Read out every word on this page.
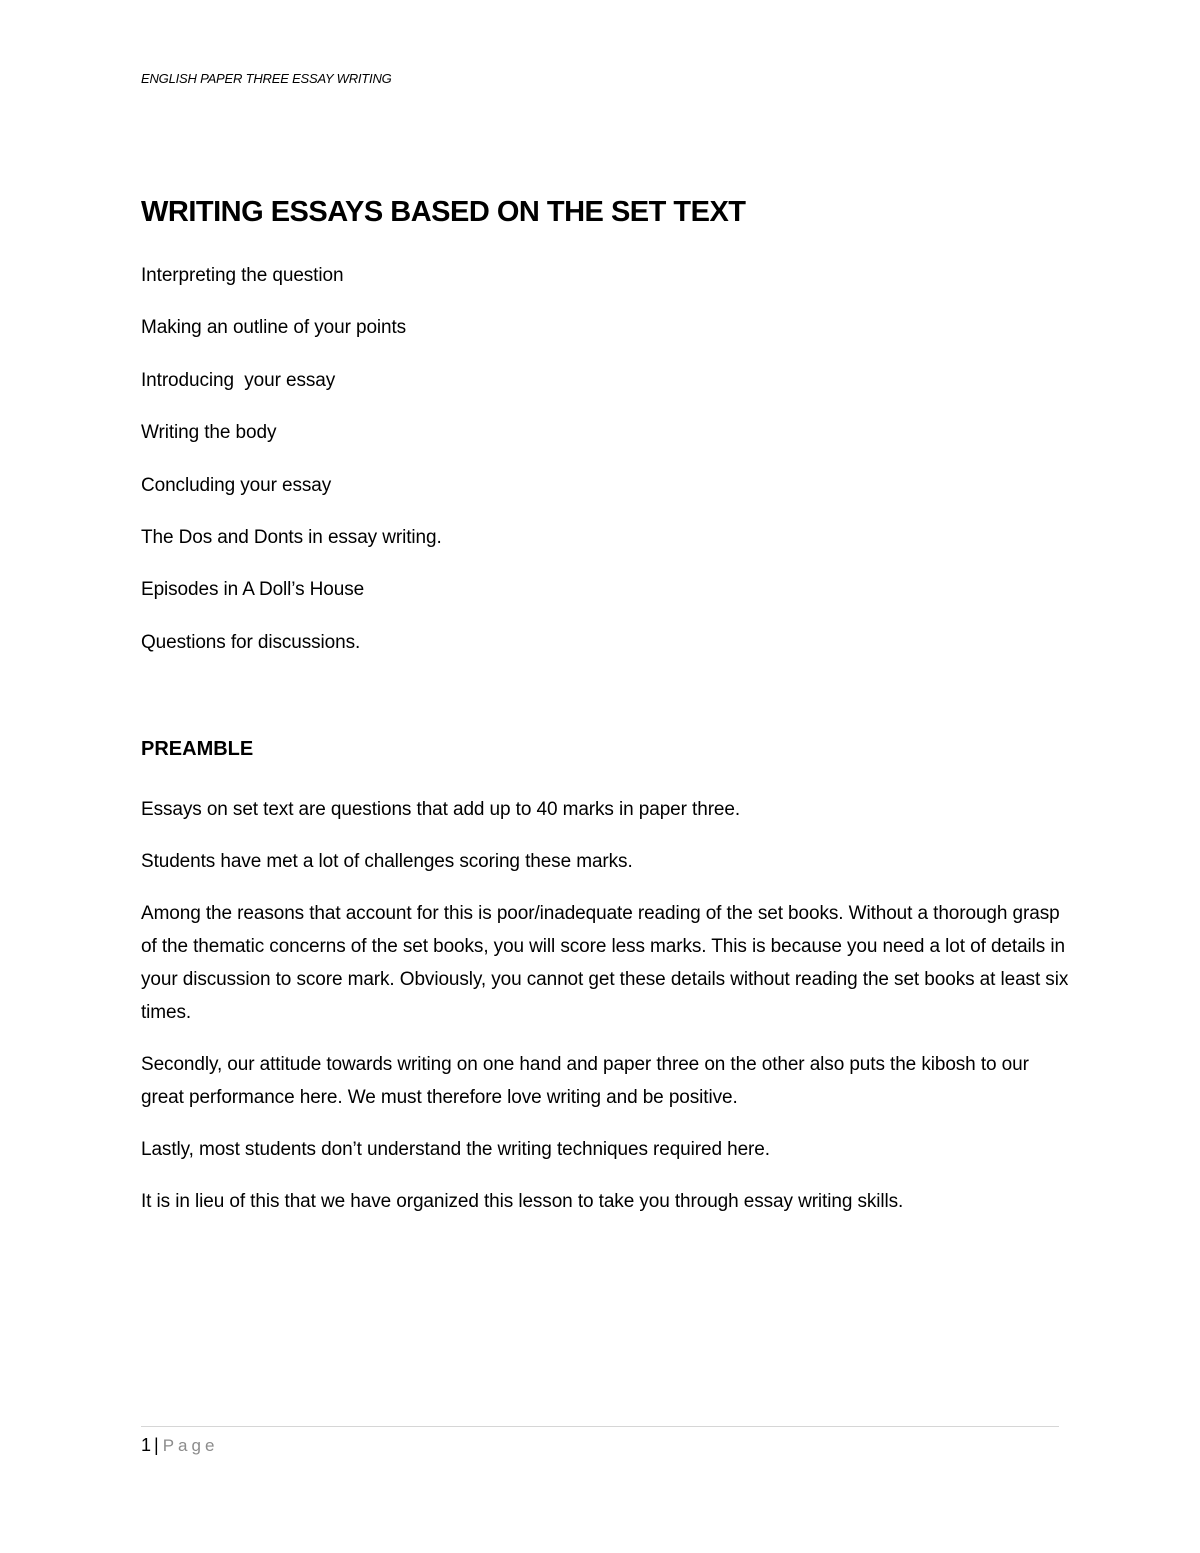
ENGLISH PAPER THREE ESSAY WRITING
WRITING ESSAYS BASED ON THE SET TEXT
Interpreting the question
Making an outline of your points
Introducing  your essay
Writing the body
Concluding your essay
The Dos and Donts in essay writing.
Episodes in A Doll’s House
Questions for discussions.
PREAMBLE

Essays on set text are questions that add up to 40 marks in paper three.

Students have met a lot of challenges scoring these marks.

Among the reasons that account for this is poor/inadequate reading of the set books. Without a thorough grasp of the thematic concerns of the set books, you will score less marks. This is because you need a lot of details in your discussion to score mark. Obviously, you cannot get these details without reading the set books at least six times.

Secondly, our attitude towards writing on one hand and paper three on the other also puts the kibosh to our great performance here. We must therefore love writing and be positive.

Lastly, most students don’t understand the writing techniques required here.

It is in lieu of this that we have organized this lesson to take you through essay writing skills.

1 | Page
